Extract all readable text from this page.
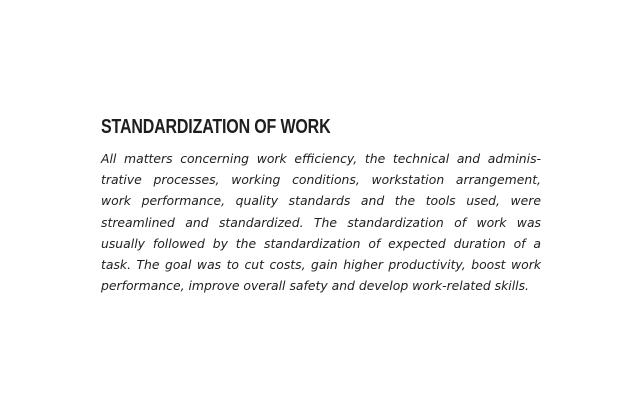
STANDARDIZATION OF WORK
All matters concerning work efficiency, the technical and adminis-
trative processes, working conditions, workstation arrangement,
work performance, quality standards and the tools used, were
streamlined and standardized. The standardization of work was
usually followed by the standardization of expected duration of a
task. The goal was to cut costs, gain higher productivity, boost work
performance, improve overall safety and develop work-related skills.
